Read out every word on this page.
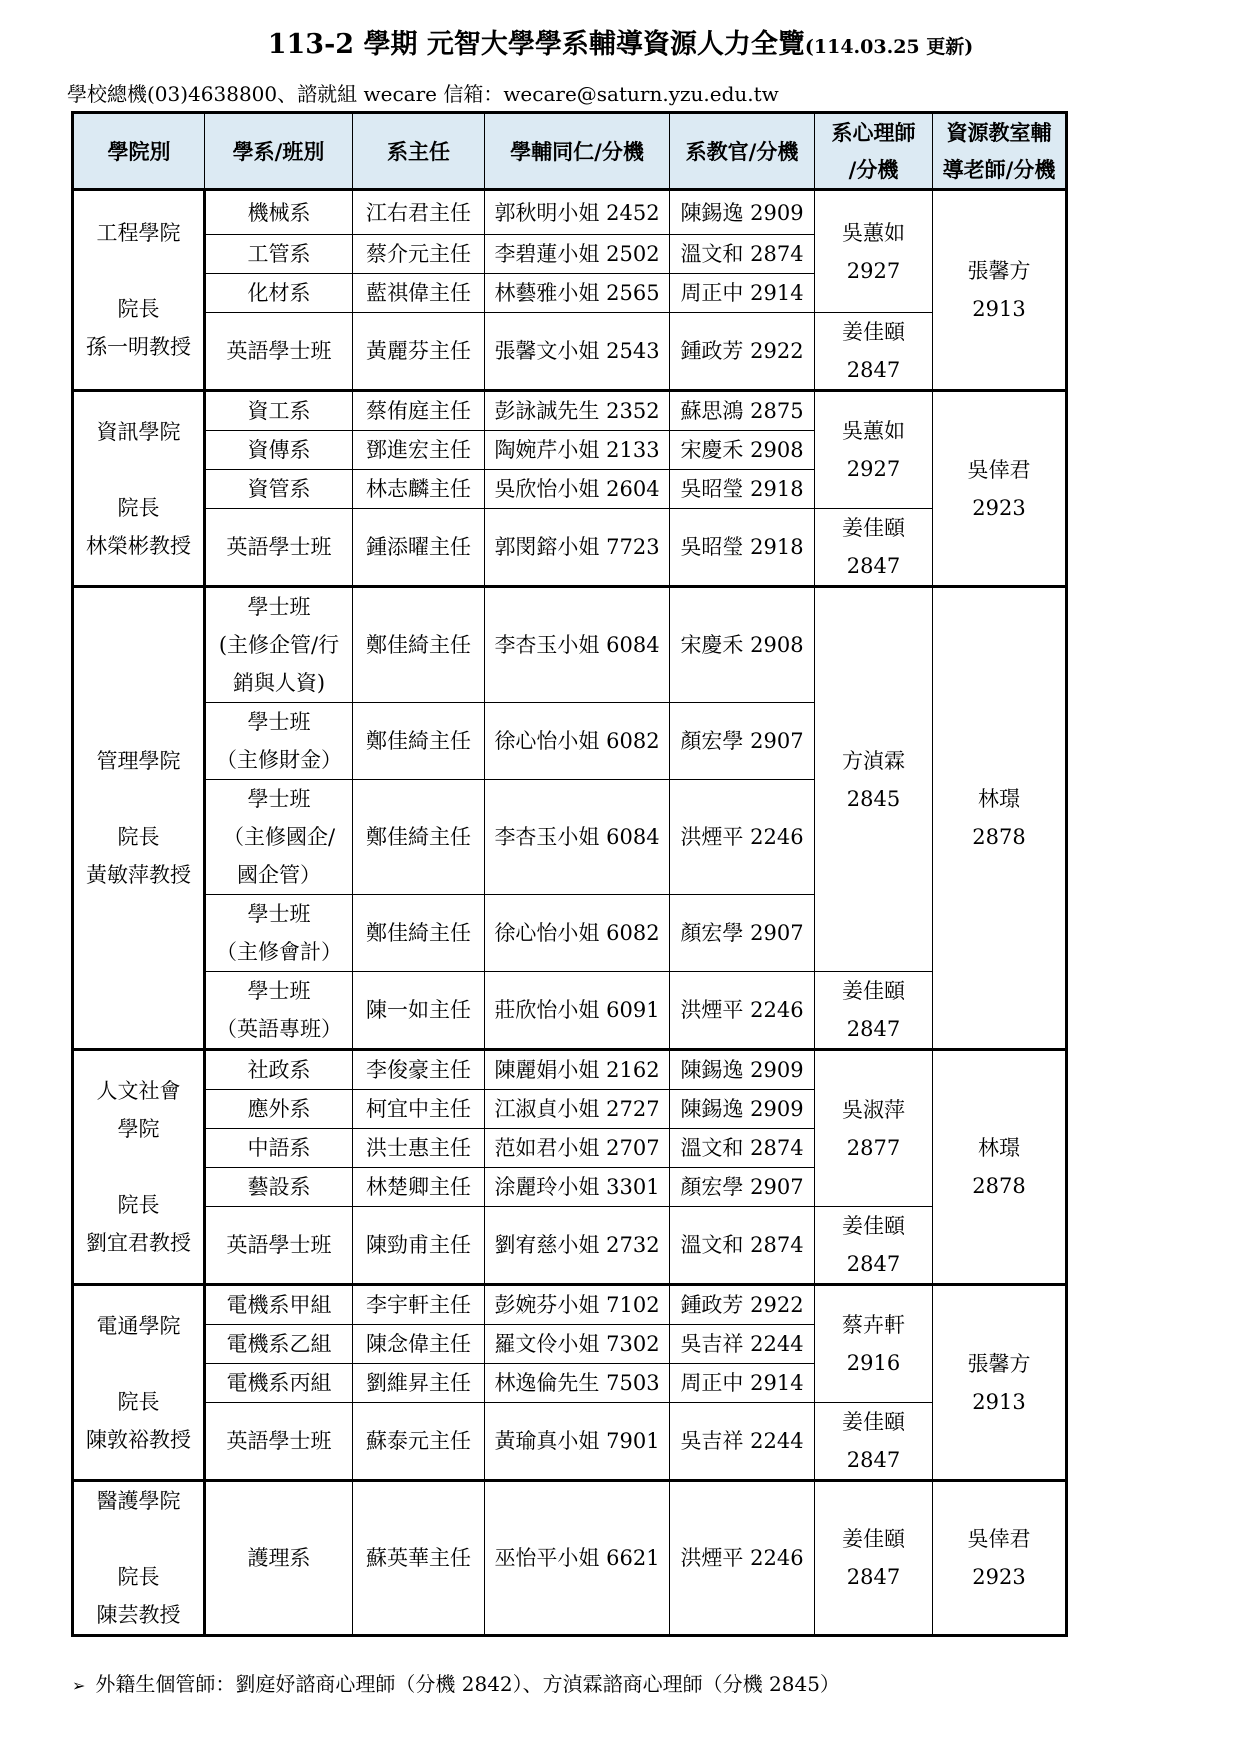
113-2 學期 元智大學學系輔導資源人力全覽(114.03.25 更新)
學校總機(03)4638800、諮就組 wecare 信箱：wecare@saturn.yzu.edu.tw
學院別	學系/班別	系主任	學輔同仁/分機	系教官/分機	系心理師
/分機	資源教室輔
導老師/分機
工程學院

院長
孫一明教授	機械系	江右君主任	郭秋明小姐 2452	陳錫逸 2909	吳蕙如
2927	張馨方
2913
	工管系	蔡介元主任	李碧蓮小姐 2502	溫文和 2874		
	化材系	藍祺偉主任	林藝雅小姐 2565	周正中 2914		
	英語學士班	黃麗芬主任	張馨文小姐 2543	鍾政芳 2922	姜佳頤
2847	
資訊學院

院長
林榮彬教授	資工系	蔡侑庭主任	彭詠誠先生 2352	蘇思鴻 2875	吳蕙如
2927	吳倖君
2923
	資傳系	鄧進宏主任	陶婉芹小姐 2133	宋慶禾 2908		
	資管系	林志麟主任	吳欣怡小姐 2604	吳昭瑩 2918		
	英語學士班	鍾添曜主任	郭閔鎔小姐 7723	吳昭瑩 2918	姜佳頤
2847	
管理學院

院長
黃敏萍教授	學士班
(主修企管/行
銷與人資)	鄭佳綺主任	李杏玉小姐 6084	宋慶禾 2908	方湞霖
2845	林璟
2878
	學士班
（主修財金）	鄭佳綺主任	徐心怡小姐 6082	顏宏學 2907		
	學士班
（主修國企/
國企管）	鄭佳綺主任	李杏玉小姐 6084	洪煙平 2246		
	學士班
（主修會計）	鄭佳綺主任	徐心怡小姐 6082	顏宏學 2907		
	學士班
（英語專班）	陳一如主任	莊欣怡小姐 6091	洪煙平 2246	姜佳頤
2847	
人文社會
學院

院長
劉宜君教授	社政系	李俊豪主任	陳麗娟小姐 2162	陳錫逸 2909	吳淑萍
2877	林璟
2878
	應外系	柯宜中主任	江淑貞小姐 2727	陳錫逸 2909		
	中語系	洪士惠主任	范如君小姐 2707	溫文和 2874		
	藝設系	林楚卿主任	涂麗玲小姐 3301	顏宏學 2907		
	英語學士班	陳勁甫主任	劉宥慈小姐 2732	溫文和 2874	姜佳頤
2847	
電通學院

院長
陳敦裕教授	電機系甲組	李宇軒主任	彭婉芬小姐 7102	鍾政芳 2922	蔡卉軒
2916	張馨方
2913
	電機系乙組	陳念偉主任	羅文伶小姐 7302	吳吉祥 2244		
	電機系丙組	劉維昇主任	林逸倫先生 7503	周正中 2914		
	英語學士班	蘇泰元主任	黃瑜真小姐 7901	吳吉祥 2244	姜佳頤
2847	
醫護學院

院長
陳芸教授	護理系	蘇英華主任	巫怡平小姐 6621	洪煙平 2246	姜佳頤
2847	吳倖君
2923
➢ 外籍生個管師：劉庭妤諮商心理師（分機 2842）、方湞霖諮商心理師（分機 2845）
